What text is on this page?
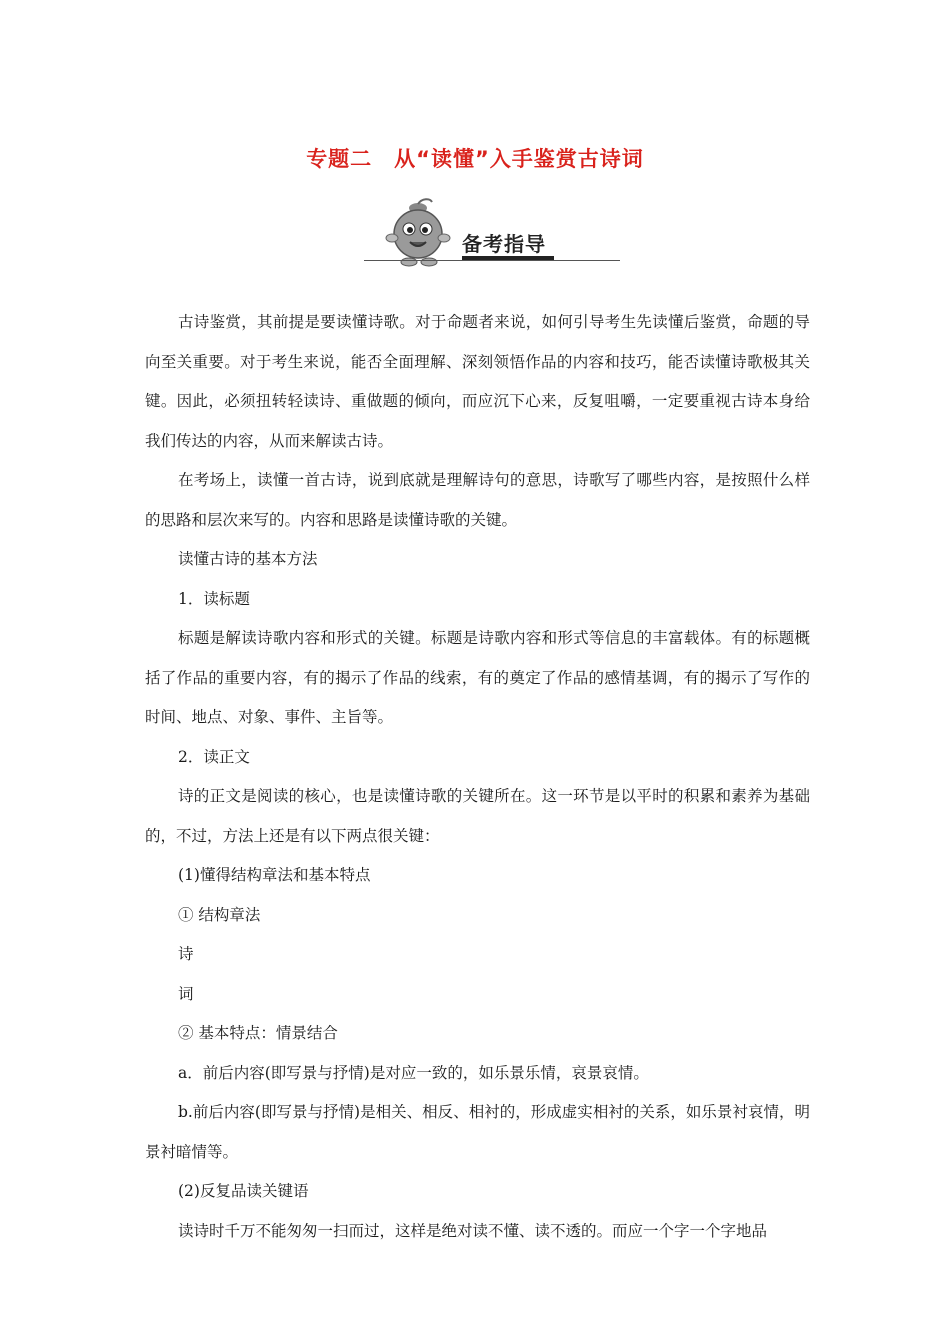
专题二　从“读懂”入手鉴赏古诗词
备考指导

古诗鉴赏，其前提是要读懂诗歌。对于命题者来说，如何引导考生先读懂后鉴赏，命题的导向至关重要。对于考生来说，能否全面理解、深刻领悟作品的内容和技巧，能否读懂诗歌极其关键。因此，必须扭转轻读诗、重做题的倾向，而应沉下心来，反复咀嚼，一定要重视古诗本身给我们传达的内容，从而来解读古诗。

在考场上，读懂一首古诗，说到底就是理解诗句的意思，诗歌写了哪些内容，是按照什么样的思路和层次来写的。内容和思路是读懂诗歌的关键。

读懂古诗的基本方法

1．读标题

标题是解读诗歌内容和形式的关键。标题是诗歌内容和形式等信息的丰富载体。有的标题概括了作品的重要内容，有的揭示了作品的线索，有的奠定了作品的感情基调，有的揭示了写作的时间、地点、对象、事件、主旨等。

2．读正文

诗的正文是阅读的核心，也是读懂诗歌的关键所在。这一环节是以平时的积累和素养为基础的，不过，方法上还是有以下两点很关键：

(1)懂得结构章法和基本特点

① 结构章法

诗

词

② 基本特点：情景结合

a．前后内容(即写景与抒情)是对应一致的，如乐景乐情，哀景哀情。

b.前后内容(即写景与抒情)是相关、相反、相衬的，形成虚实相衬的关系，如乐景衬哀情，明景衬暗情等。

(2)反复品读关键语

读诗时千万不能匆匆一扫而过，这样是绝对读不懂、读不透的。而应一个字一个字地品
